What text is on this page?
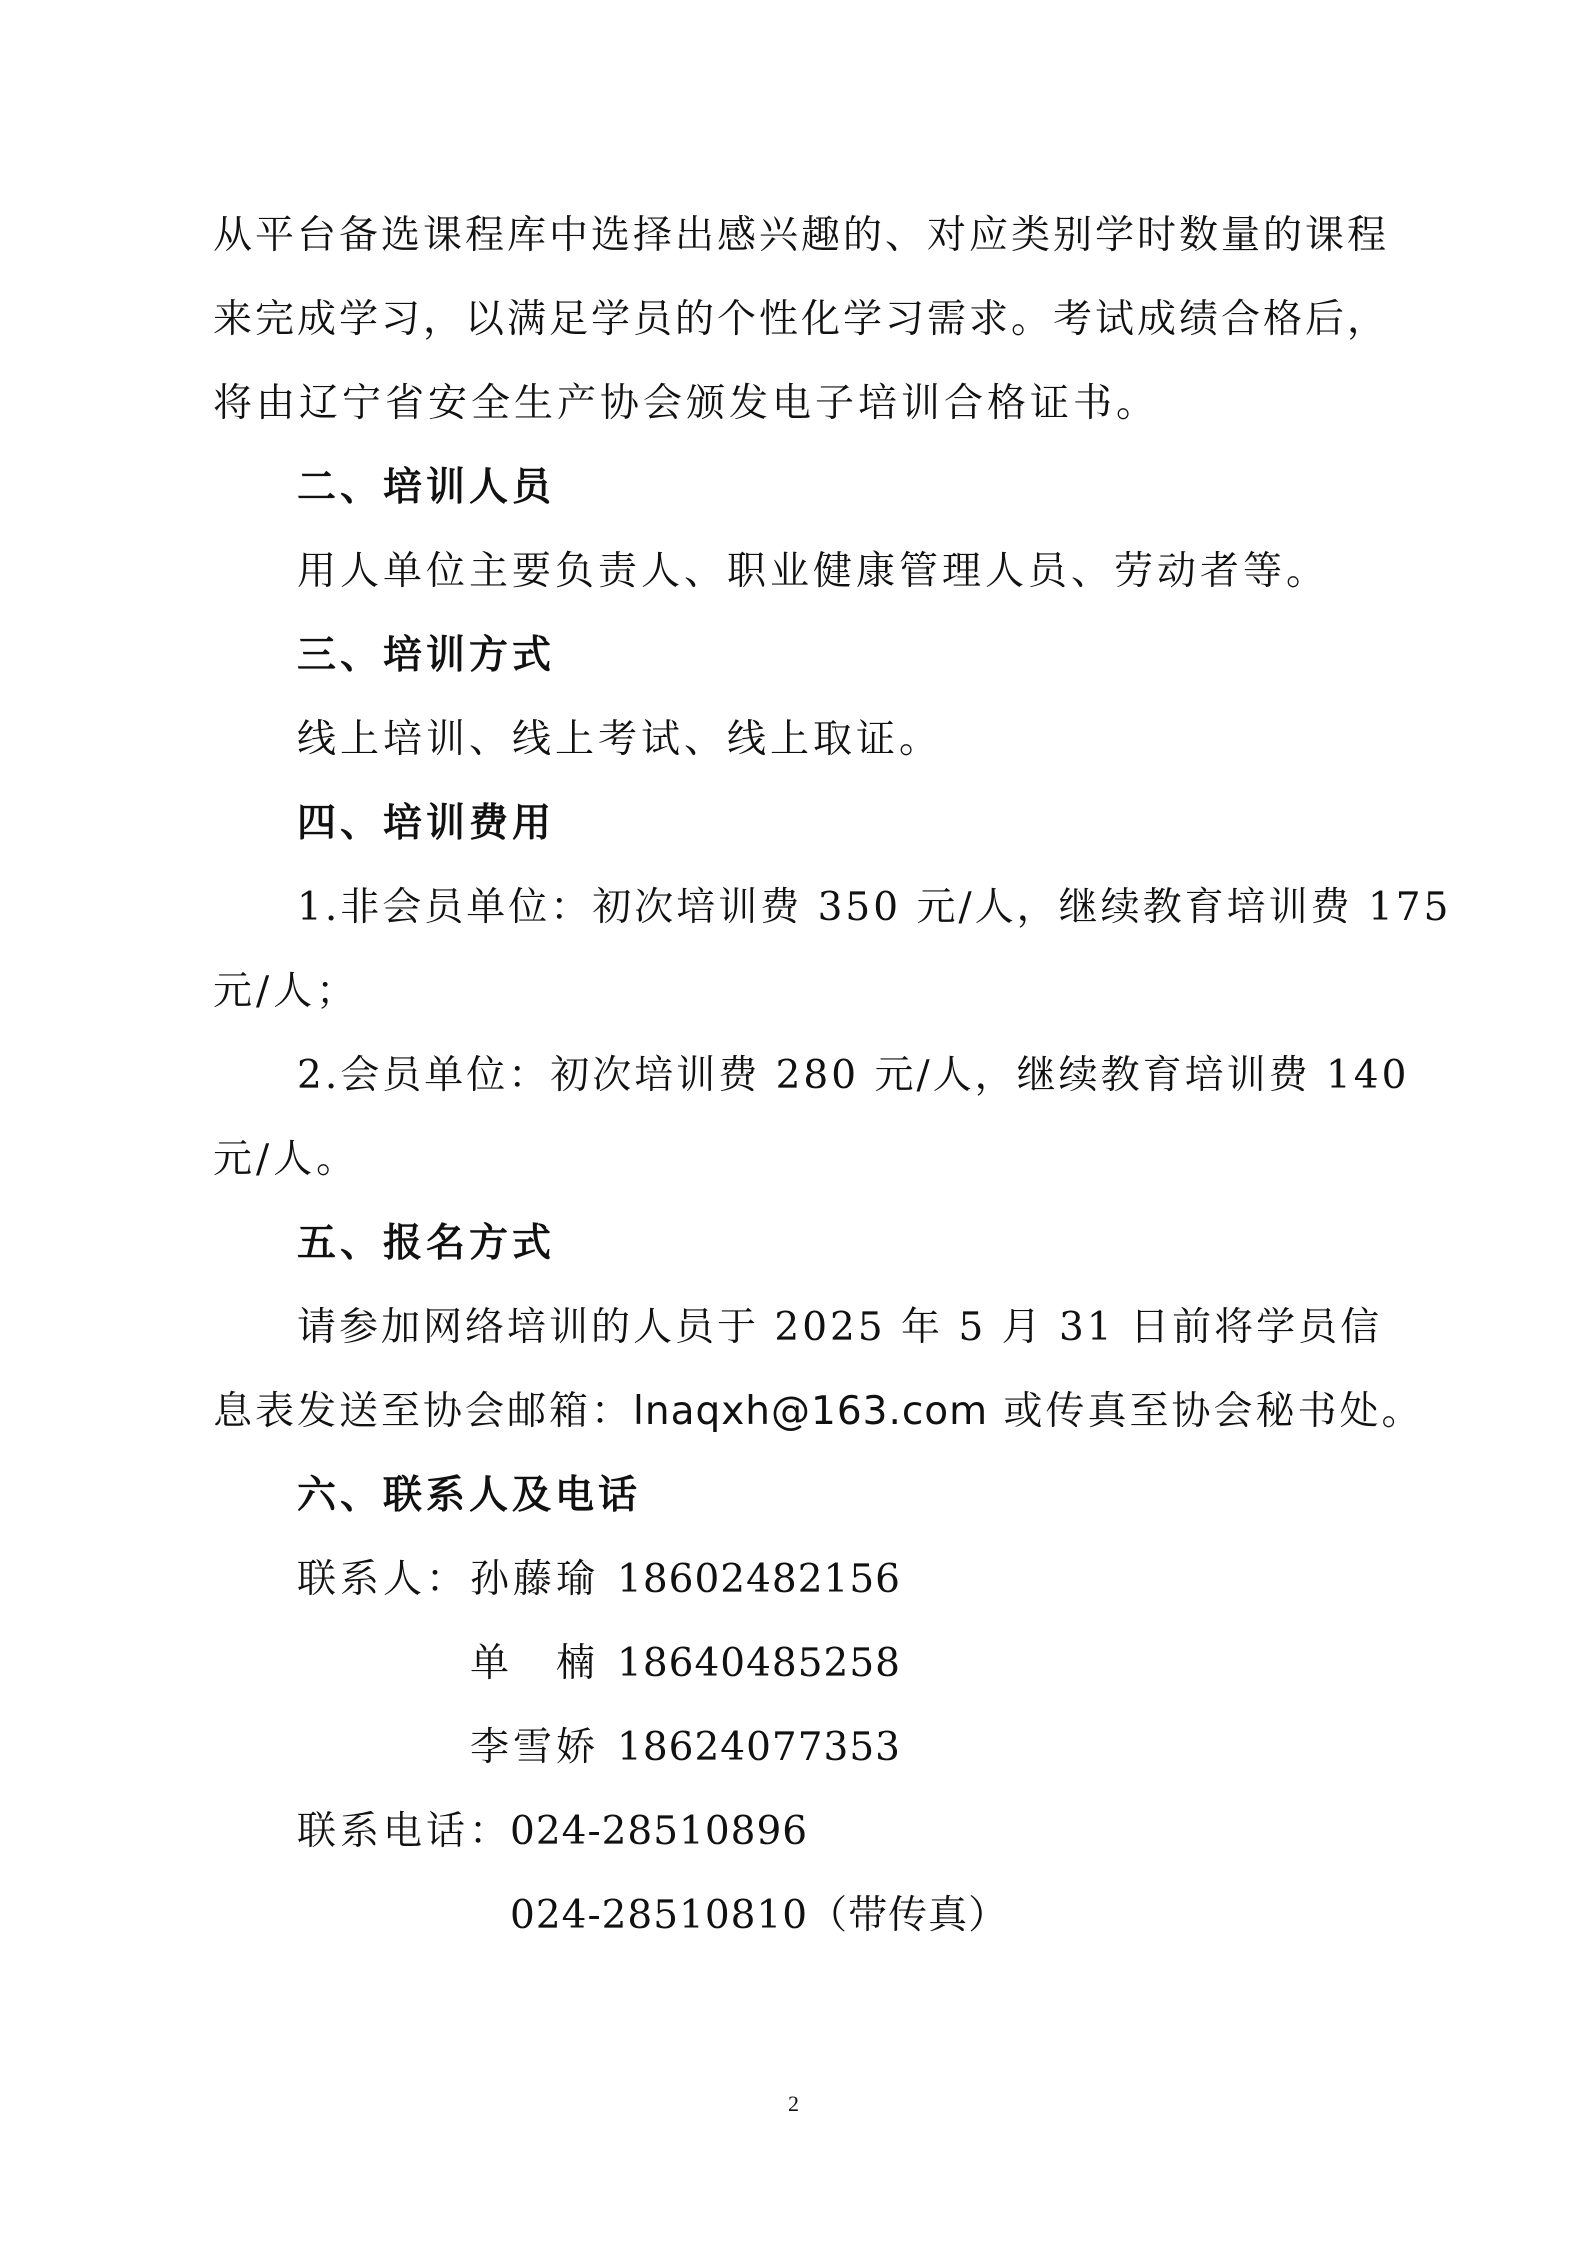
从平台备选课程库中选择出感兴趣的、对应类别学时数量的课程
来完成学习，以满足学员的个性化学习需求。考试成绩合格后，
将由辽宁省安全生产协会颁发电子培训合格证书。
二、培训人员
用人单位主要负责人、职业健康管理人员、劳动者等。
三、培训方式
线上培训、线上考试、线上取证。
四、培训费用
1.非会员单位：初次培训费 350 元/人，继续教育培训费 175
元/人；
2.会员单位：初次培训费 280 元/人，继续教育培训费 140
元/人。
五、报名方式
请参加网络培训的人员于 2025 年 5 月 31 日前将学员信
息表发送至协会邮箱：lnaqxh@163.com 或传真至协会秘书处。
六、联系人及电话
联系人： 孙藤瑜 18602482156
单　楠 18640485258
李雪娇 18624077353
联系电话：
024-28510896
024-28510810（带传真）
2
